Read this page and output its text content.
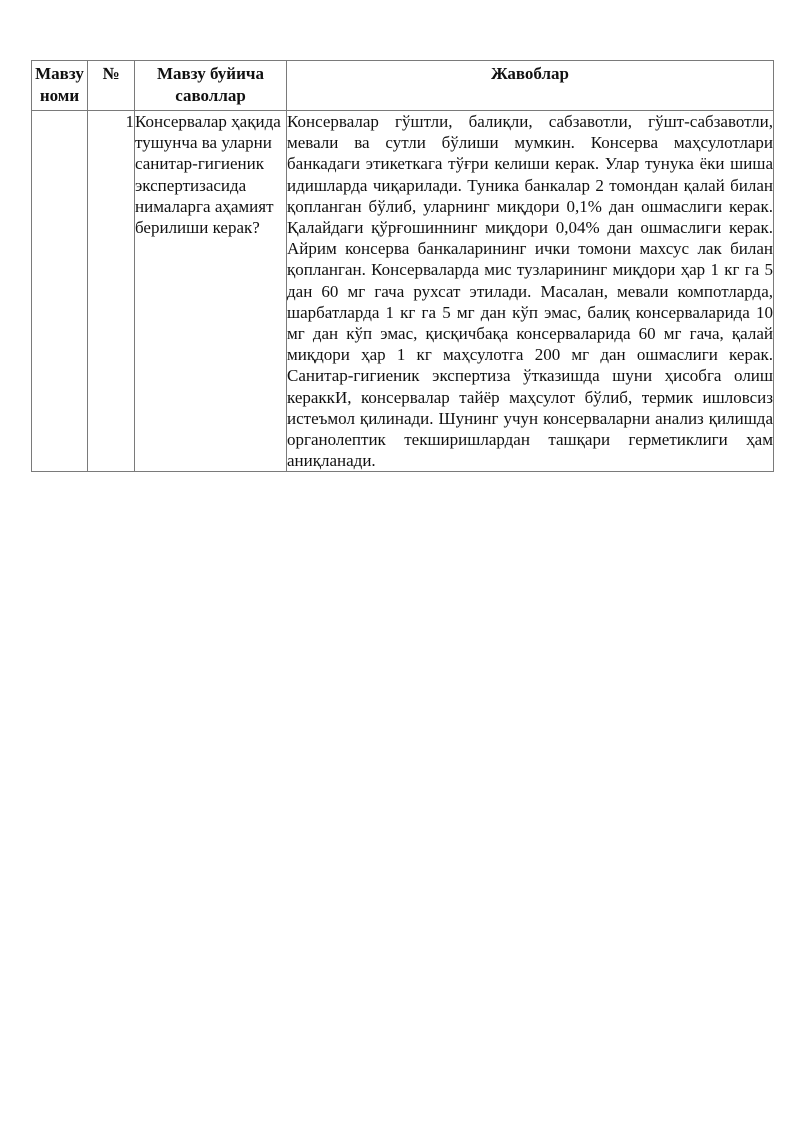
Мавзу номи	№	Мавзу буйича саволлар	Жавоблар
	1	Консервалар ҳақида тушунча ва уларни санитар-гигиеник экспертизасида нималарга аҳамият берилиши керак?	Консервалар гўштли, балиқли, сабзавотли, гўшт-сабзавотли, мевали ва сутли бўлиши мумкин. Консерва маҳсулотлари банкадаги этикеткага тўғри келиши керак. Улар тунука ёки шиша идишларда чиқарилади. Туника банкалар 2 томондан қалай билан қопланган бўлиб, уларнинг миқдори 0,1% дан ошмаслиги керак. Қалайдаги қўрғошиннинг миқдори 0,04% дан ошмаслиги керак. Айрим консерва банкаларининг ички томони махсус лак билан қопланган. Консерваларда мис тузларининг миқдори ҳар 1 кг га 5 дан 60 мг гача рухсат этилади. Масалан, мевали компотларда, шарбатларда 1 кг га 5 мг дан кўп эмас, балиқ консерваларида 10 мг дан кўп эмас, қисқичбақа консерваларида 60 мг гача, қалай миқдори ҳар 1 кг маҳсулотга 200 мг дан ошмаслиги керак. Санитар-гигиеник экспертиза ўтказишда шуни ҳисобга олиш кераккИ, консервалар тайёр маҳсулот бўлиб, термик ишловсиз истеъмол қилинади. Шунинг учун консерваларни анализ қилишда органолептик текширишлардан ташқари герметиклиги ҳам аниқланади.
